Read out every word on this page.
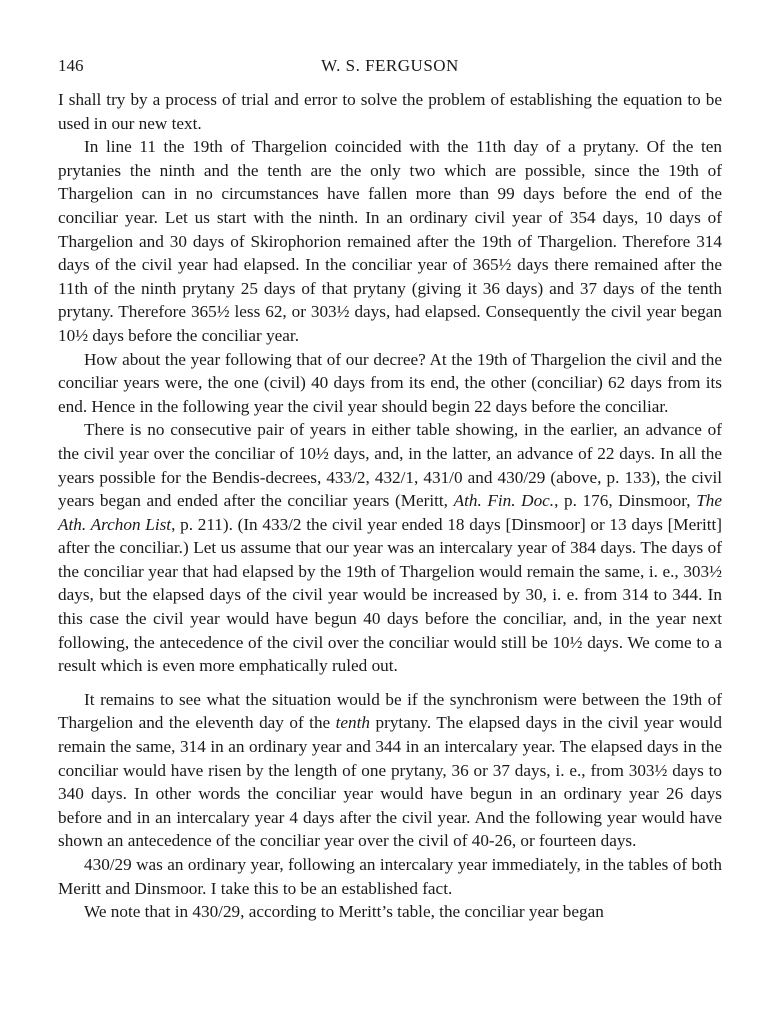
146	W. S. FERGUSON

I shall try by a process of trial and error to solve the problem of establishing the equation to be used in our new text.

In line 11 the 19th of Thargelion coincided with the 11th day of a prytany. Of the ten prytanies the ninth and the tenth are the only two which are possible, since the 19th of Thargelion can in no circumstances have fallen more than 99 days before the end of the conciliar year. Let us start with the ninth. In an ordinary civil year of 354 days, 10 days of Thargelion and 30 days of Skirophorion remained after the 19th of Thargelion. Therefore 314 days of the civil year had elapsed. In the conciliar year of 365½ days there remained after the 11th of the ninth prytany 25 days of that prytany (giving it 36 days) and 37 days of the tenth prytany. Therefore 365½ less 62, or 303½ days, had elapsed. Consequently the civil year began 10½ days before the conciliar year.

How about the year following that of our decree? At the 19th of Thargelion the civil and the conciliar years were, the one (civil) 40 days from its end, the other (conciliar) 62 days from its end. Hence in the following year the civil year should begin 22 days before the conciliar.

There is no consecutive pair of years in either table showing, in the earlier, an advance of the civil year over the conciliar of 10½ days, and, in the latter, an advance of 22 days. In all the years possible for the Bendis-decrees, 433/2, 432/1, 431/0 and 430/29 (above, p. 133), the civil years began and ended after the conciliar years (Meritt, Ath. Fin. Doc., p. 176, Dinsmoor, The Ath. Archon List, p. 211). (In 433/2 the civil year ended 18 days [Dinsmoor] or 13 days [Meritt] after the conciliar.) Let us assume that our year was an intercalary year of 384 days. The days of the conciliar year that had elapsed by the 19th of Thargelion would remain the same, i. e., 303½ days, but the elapsed days of the civil year would be increased by 30, i. e. from 314 to 344. In this case the civil year would have begun 40 days before the conciliar, and, in the year next following, the antecedence of the civil over the conciliar would still be 10½ days. We come to a result which is even more emphatically ruled out.

It remains to see what the situation would be if the synchronism were between the 19th of Thargelion and the eleventh day of the tenth prytany. The elapsed days in the civil year would remain the same, 314 in an ordinary year and 344 in an intercalary year. The elapsed days in the conciliar would have risen by the length of one prytany, 36 or 37 days, i. e., from 303½ days to 340 days. In other words the conciliar year would have begun in an ordinary year 26 days before and in an intercalary year 4 days after the civil year. And the following year would have shown an antecedence of the conciliar year over the civil of 40-26, or fourteen days.

430/29 was an ordinary year, following an intercalary year immediately, in the tables of both Meritt and Dinsmoor. I take this to be an established fact.

We note that in 430/29, according to Meritt’s table, the conciliar year began
